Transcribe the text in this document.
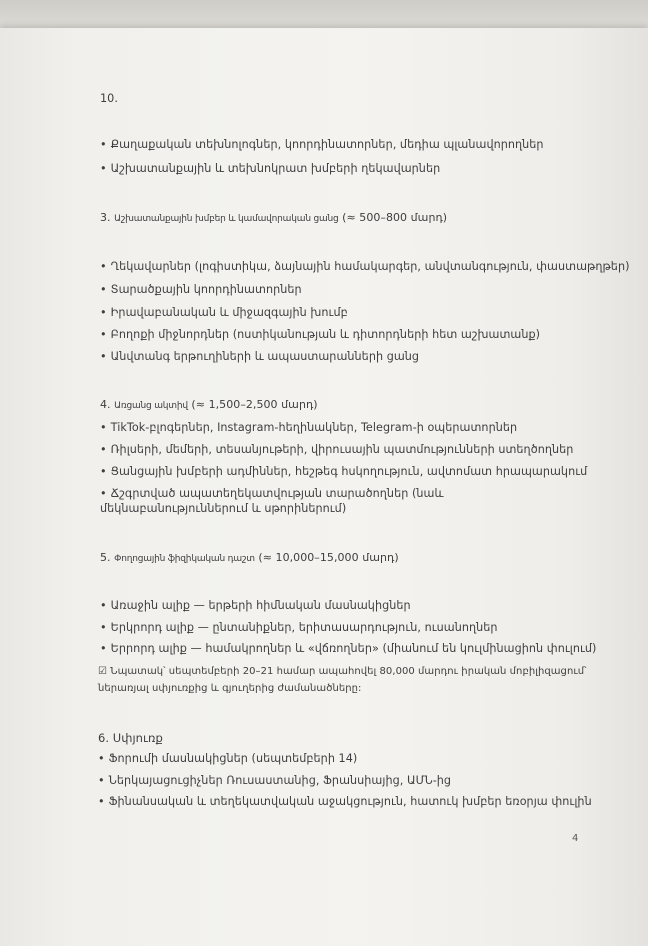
10.
• Քաղաքական տեխնոլոգներ, կոորդինատորներ, մեդիա պլանավորողներ
• Աշխատանքային և տեխնոկրատ խմբերի ղեկավարներ
3. Աշխատանքային խմբեր և կամավորական ցանց (≈ 500–800 մարդ)
• Ղեկավարներ (լոգիստիկա, ձայնային համակարգեր, անվտանգություն, փաստաթղթեր)
• Տարածքային կոորդինատորներ
• Իրավաբանական և միջազգային խումբ
• Բողոքի միջնորդներ (ոստիկանության և դիտորդների հետ աշխատանք)
• Անվտանգ երթուղիների և ապաստարանների ցանց
4. Առցանց ակտիվ (≈ 1,500–2,500 մարդ)
• TikTok-բլոգերներ, Instagram-հեղինակներ, Telegram-ի օպերատորներ
• Ռիլսերի, մեմերի, տեսանյութերի, վիրուսային պատմությունների ստեղծողներ
• Ցանցային խմբերի ադմիններ, հեշթեգ հսկողություն, ավտոմատ հրապարակում
• Ճշգրտված ապատեղեկատվության տարածողներ (նաև մեկնաբանություններում և սթորիներում)
5. Փողոցային ֆիզիկական դաշտ (≈ 10,000–15,000 մարդ)
• Առաջին ալիք — երթերի հիմնական մասնակիցներ
• Երկրորդ ալիք — ընտանիքներ, երիտասարդություն, ուսանողներ
• Երրորդ ալիք — համակրողներ և «վճռողներ» (միանում են կուլմինացիոն փուլում)
☑ Նպատակ՝ սեպտեմբերի 20–21 համար ապահովել 80,000 մարդու իրական մոբիլիզացում՝
ներառյալ սփյուռքից և գյուղերից ժամանածները:
6. Սփյուռք
• Ֆորումի մասնակիցներ (սեպտեմբերի 14)
• Ներկայացուցիչներ Ռուսաստանից, Ֆրանսիայից, ԱՄՆ-ից
• Ֆինանսական և տեղեկատվական աջակցություն, հատուկ խմբեր եռօրյա փուլին
4
